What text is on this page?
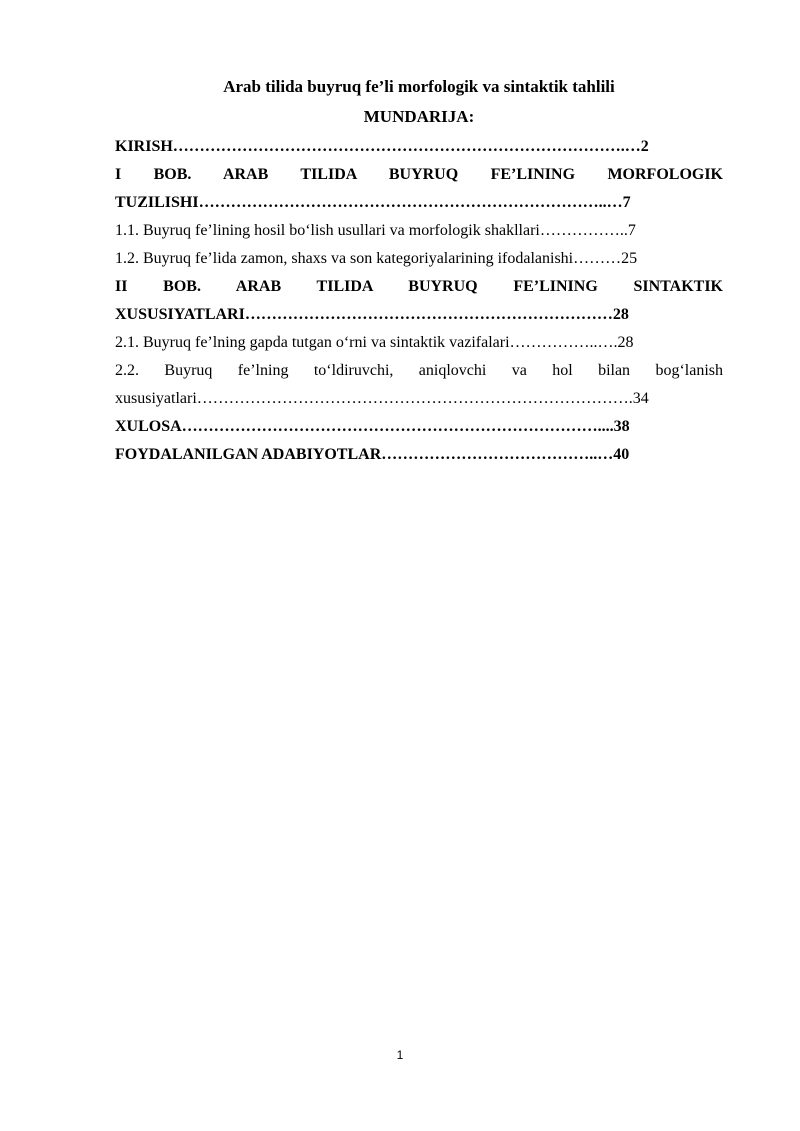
Arab tilida buyruq fe’li morfologik va sintaktik tahlili

MUNDARIJA:

KIRISH………………………………………………………………………….…2
I BOB. ARAB TILIDA BUYRUQ FE’LINING MORFOLOGIK
TUZILISHI…………………………………………………………………..…7
1.1. Buyruq fe’lining hosil bo‘lish usullari va morfologik shakllari……………..7
1.2. Buyruq fe’lida zamon, shaxs va son kategoriyalarining ifodalanishi………25
II BOB. ARAB TILIDA BUYRUQ FE’LINING SINTAKTIK
XUSUSIYATLARI……………………………………………………………28
2.1. Buyruq fe’lning gapda tutgan o‘rni va sintaktik vazifalari……………..….28
2.2. Buyruq fe’lning to‘ldiruvchi, aniqlovchi va hol bilan bog‘lanish
xususiyatlari……………………………………………………………………….34
XULOSA……………………………………………………………………....38
FOYDALANILGAN ADABIYOTLAR…………………………………..…40
1
